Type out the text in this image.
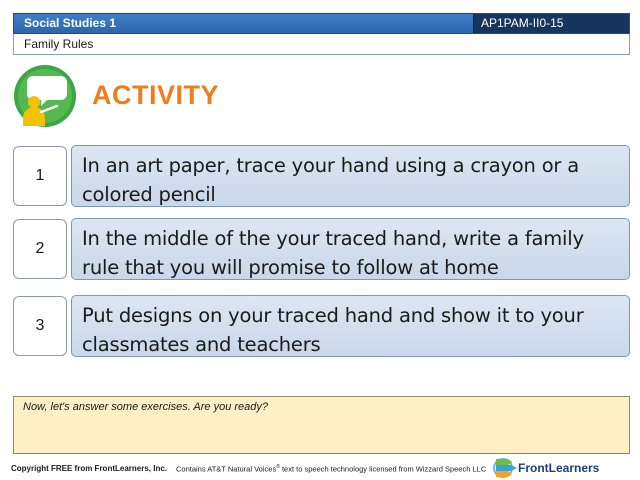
Social Studies 1	AP1PAM-II0-15
Family Rules
ACTIVITY
1	In an art paper, trace your hand using a crayon or a colored pencil
2	In the middle of the your traced hand, write a family rule that you will promise to follow at home
3	Put designs on your traced hand and show it to your classmates and teachers
Now, let's answer some exercises. Are you ready?
Copyright FREE from FrontLearners, Inc. Contains AT&T Natural Voices® text to speech technology licensed from Wizzard Speech LLC	FrontLearners
